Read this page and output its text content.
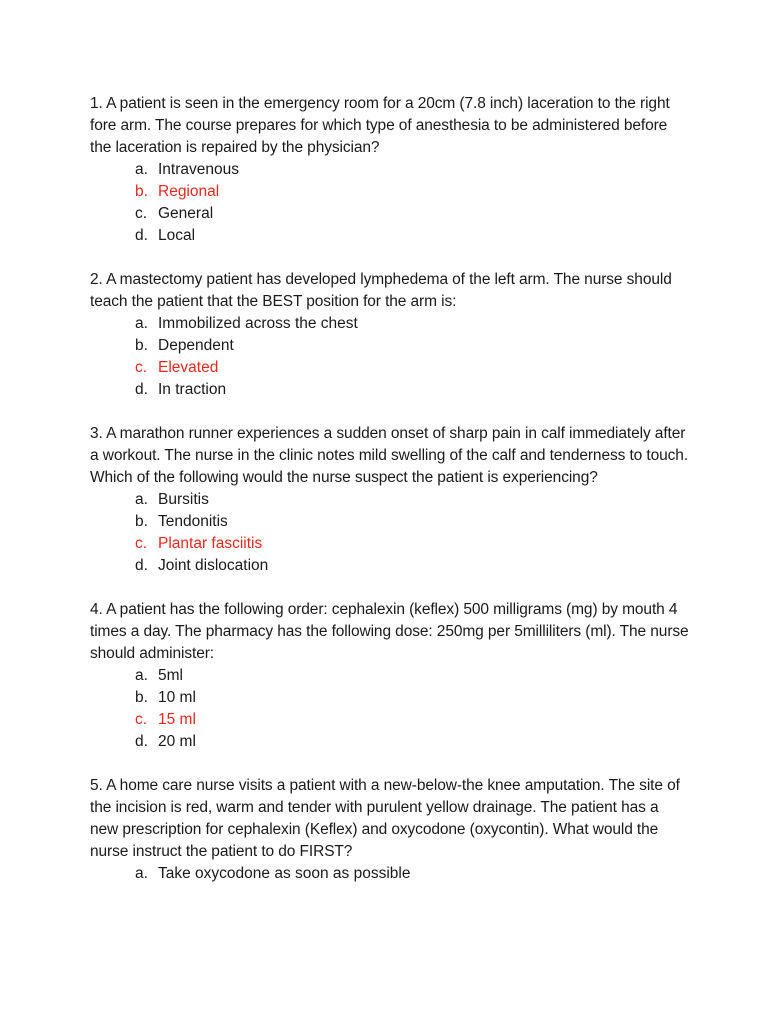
1. A patient is seen in the emergency room for a 20cm (7.8 inch) laceration to the right fore arm. The course prepares for which type of anesthesia to be administered before the laceration is repaired by the physician?

a. Intravenous
b. Regional
c. General
d. Local

2. A mastectomy patient has developed lymphedema of the left arm. The nurse should teach the patient that the BEST position for the arm is:

a. Immobilized across the chest
b. Dependent
c. Elevated
d. In traction

3. A marathon runner experiences a sudden onset of sharp pain in calf immediately after a workout. The nurse in the clinic notes mild swelling of the calf and tenderness to touch. Which of the following would the nurse suspect the patient is experiencing?

a. Bursitis
b. Tendonitis
c. Plantar fasciitis
d. Joint dislocation

4. A patient has the following order: cephalexin (keflex) 500 milligrams (mg) by mouth 4 times a day. The pharmacy has the following dose: 250mg per 5milliliters (ml). The nurse should administer:

a. 5ml
b. 10 ml
c. 15 ml
d. 20 ml

5. A home care nurse visits a patient with a new-below-the knee amputation. The site of the incision is red, warm and tender with purulent yellow drainage. The patient has a new prescription for cephalexin (Keflex) and oxycodone (oxycontin). What would the nurse instruct the patient to do FIRST?

a. Take oxycodone as soon as possible
